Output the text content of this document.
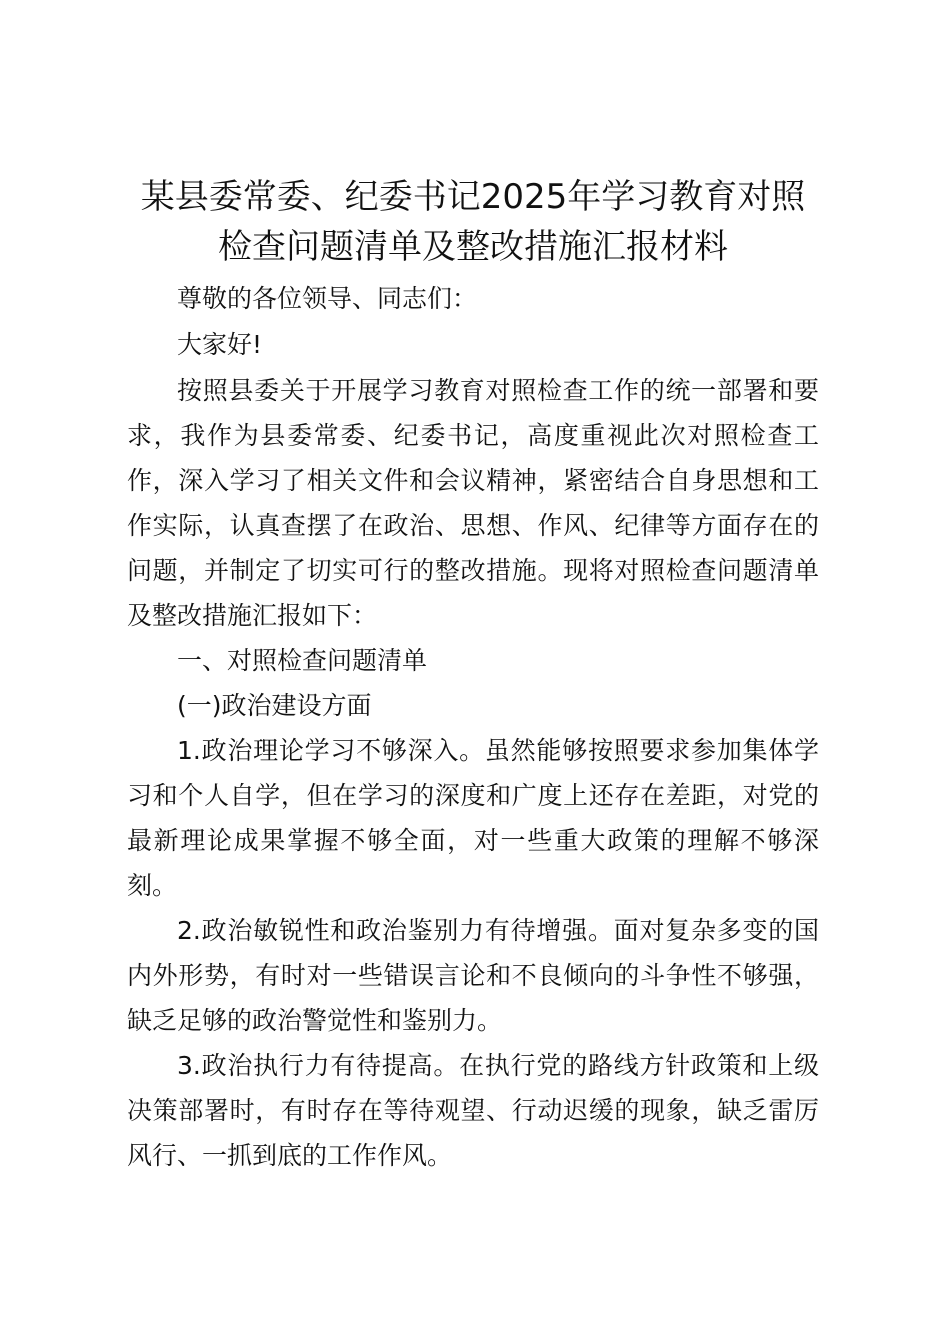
某县委常委、纪委书记2025年学习教育对照
检查问题清单及整改措施汇报材料

尊敬的各位领导、同志们：

大家好!

按照县委关于开展学习教育对照检查工作的统一部署和要求，我作为县委常委、纪委书记，高度重视此次对照检查工作，深入学习了相关文件和会议精神，紧密结合自身思想和工作实际，认真查摆了在政治、思想、作风、纪律等方面存在的问题，并制定了切实可行的整改措施。现将对照检查问题清单及整改措施汇报如下：

一、对照检查问题清单

(一)政治建设方面

1.政治理论学习不够深入。虽然能够按照要求参加集体学习和个人自学，但在学习的深度和广度上还存在差距，对党的最新理论成果掌握不够全面，对一些重大政策的理解不够深刻。

2.政治敏锐性和政治鉴别力有待增强。面对复杂多变的国内外形势，有时对一些错误言论和不良倾向的斗争性不够强，缺乏足够的政治警觉性和鉴别力。

3.政治执行力有待提高。在执行党的路线方针政策和上级决策部署时，有时存在等待观望、行动迟缓的现象，缺乏雷厉风行、一抓到底的工作作风。
